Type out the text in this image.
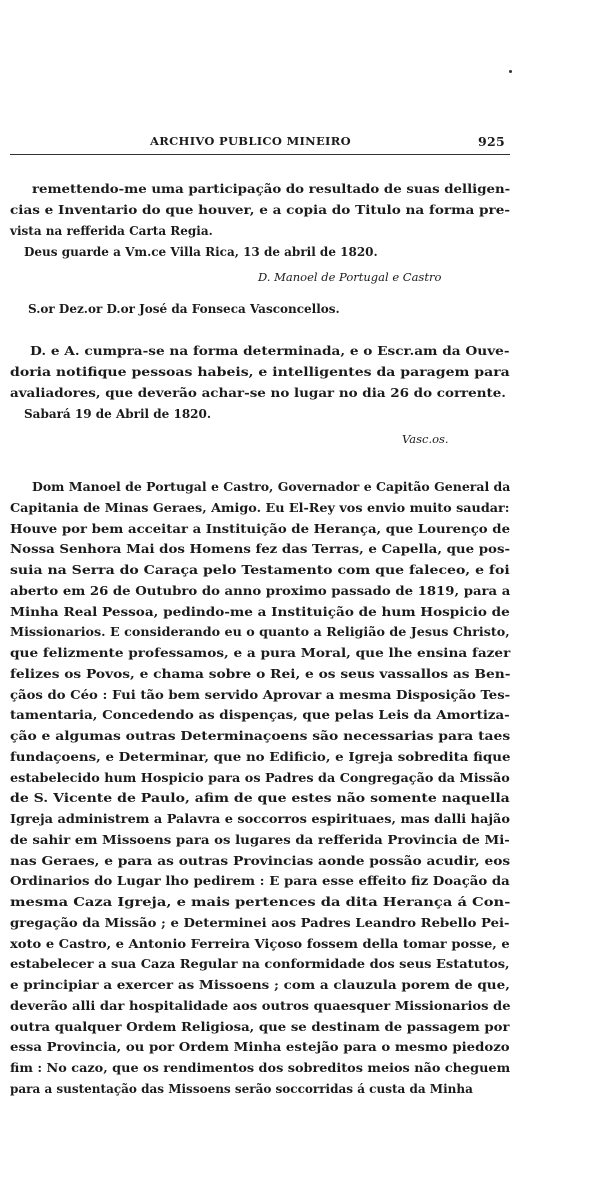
ARCHIVO PUBLICO MINEIRO	925
remettendo-me uma participação do resultado de suas delligen-
cias e Inventario do que houver, e a copia do Titulo na forma pre-
vista na refferida Carta Regia.
Deus guarde a Vm.ce Villa Rica, 13 de abril de 1820.
D. Manoel de Portugal e Castro
S.or Dez.or D.or José da Fonseca Vasconcellos.
D. e A. cumpra-se na forma determinada, e o Escr.am da Ouve-
doria notifique pessoas habeis, e intelligentes da paragem para
avaliadores, que deverão achar-se no lugar no dia 26 do corrente.
Sabará 19 de Abril de 1820.
Vasc.os.
Dom Manoel de Portugal e Castro, Governador e Capitão General da
Capitania de Minas Geraes, Amigo. Eu El-Rey vos envio muito saudar:
Houve por bem acceitar a Instituição de Herança, que Lourenço de
Nossa Senhora Mai dos Homens fez das Terras, e Capella, que pos-
suia na Serra do Caraça pelo Testamento com que faleceo, e foi
aberto em 26 de Outubro do anno proximo passado de 1819, para a
Minha Real Pessoa, pedindo-me a Instituição de hum Hospicio de
Missionarios. E considerando eu o quanto a Religião de Jesus Christo,
que felizmente professamos, e a pura Moral, que lhe ensina fazer
felizes os Povos, e chama sobre o Rei, e os seus vassallos as Ben-
çãos do Céo : Fui tão bem servido Aprovar a mesma Disposição Tes-
tamentaria, Concedendo as dispenças, que pelas Leis da Amortiza-
ção e algumas outras Determinaçoens são necessarias para taes
fundaçoens, e Determinar, que no Edificio, e Igreja sobredita fique
estabelecido hum Hospicio para os Padres da Congregação da Missão
de S. Vicente de Paulo, afim de que estes não somente naquella
Igreja administrem a Palavra e soccorros espirituaes, mas dalli hajão
de sahir em Missoens para os lugares da refferida Provincia de Mi-
nas Geraes, e para as outras Provincias aonde possão acudir, eos
Ordinarios do Lugar lho pedirem : E para esse effeito fiz Doação da
mesma Caza Igreja, e mais pertences da dita Herança á Con-
gregação da Missão ; e Determinei aos Padres Leandro Rebello Pei-
xoto e Castro, e Antonio Ferreira Viçoso fossem della tomar posse, e
estabelecer a sua Caza Regular na conformidade dos seus Estatutos,
e principiar a exercer as Missoens ; com a clauzula porem de que,
deverão alli dar hospitalidade aos outros quaesquer Missionarios de
outra qualquer Ordem Religiosa, que se destinam de passagem por
essa Provincia, ou por Ordem Minha estejão para o mesmo piedozo
fim : No cazo, que os rendimentos dos sobreditos meios não cheguem
para a sustentação das Missoens serão soccorridas á custa da Minha
